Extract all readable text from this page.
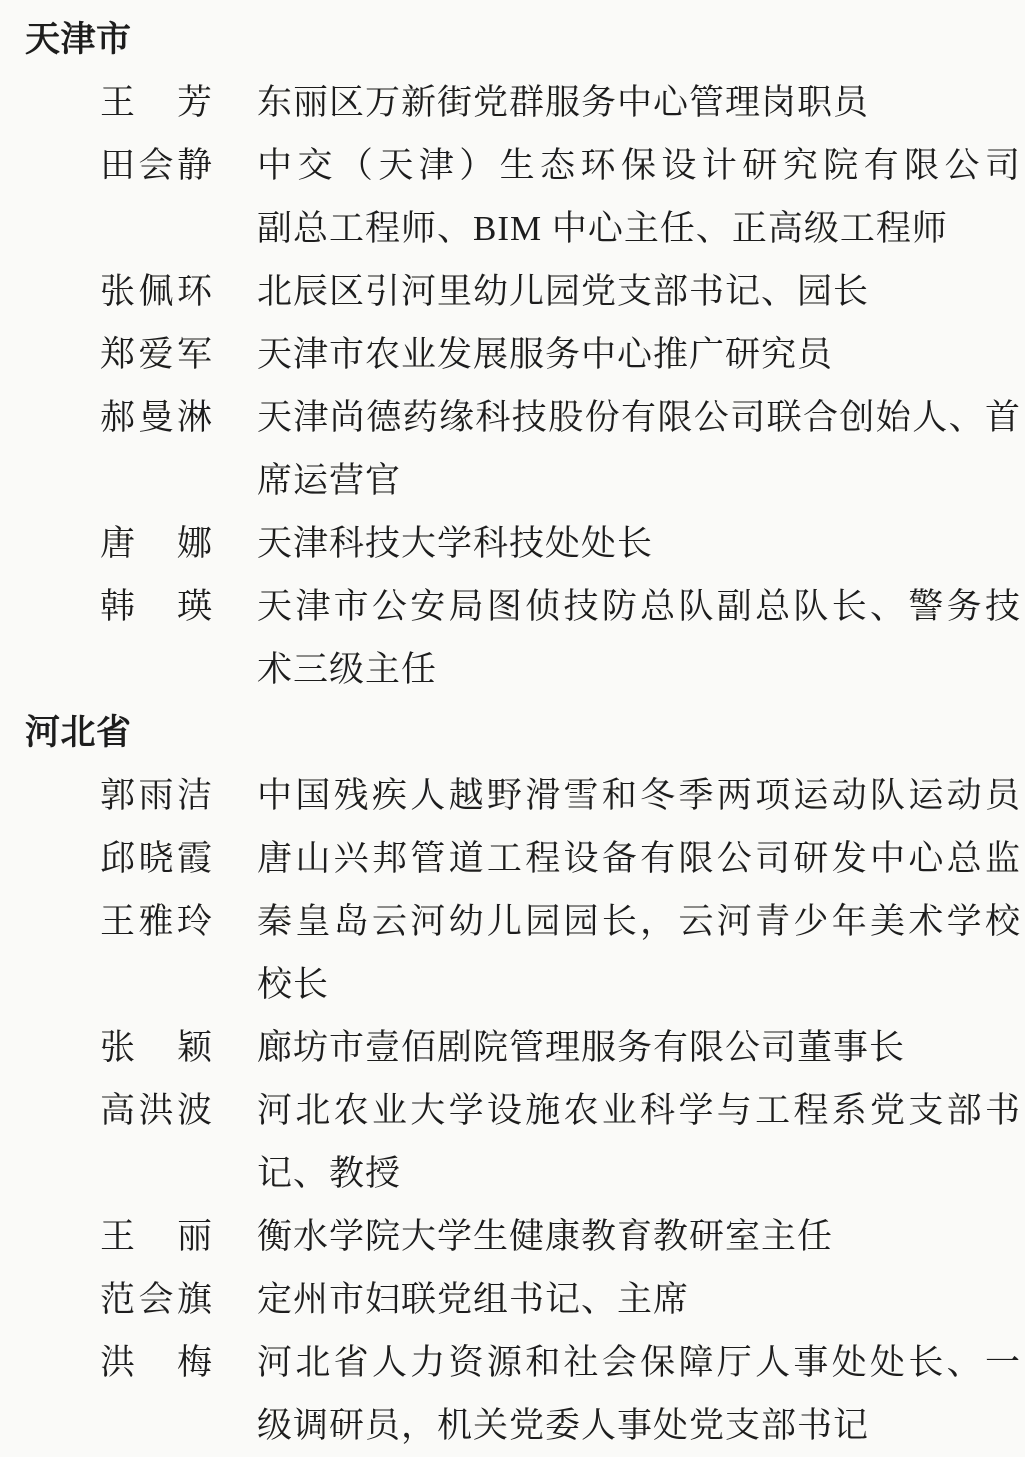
天津市
王芳 东丽区万新街党群服务中心管理岗职员
田会静 中交（天津）生态环保设计研究院有限公司
副总工程师、BIM 中心主任、正高级工程师
张佩环 北辰区引河里幼儿园党支部书记、园长
郑爱军 天津市农业发展服务中心推广研究员
郝曼淋 天津尚德药缘科技股份有限公司联合创始人、首
席运营官
唐娜 天津科技大学科技处处长
韩瑛 天津市公安局图侦技防总队副总队长、警务技
术三级主任
河北省
郭雨洁 中国残疾人越野滑雪和冬季两项运动队运动员
邱晓霞 唐山兴邦管道工程设备有限公司研发中心总监
王雅玲 秦皇岛云河幼儿园园长，云河青少年美术学校
校长
张颖 廊坊市壹佰剧院管理服务有限公司董事长
高洪波 河北农业大学设施农业科学与工程系党支部书
记、教授
王丽 衡水学院大学生健康教育教研室主任
范会旗 定州市妇联党组书记、主席
洪梅 河北省人力资源和社会保障厅人事处处长、一
级调研员，机关党委人事处党支部书记
